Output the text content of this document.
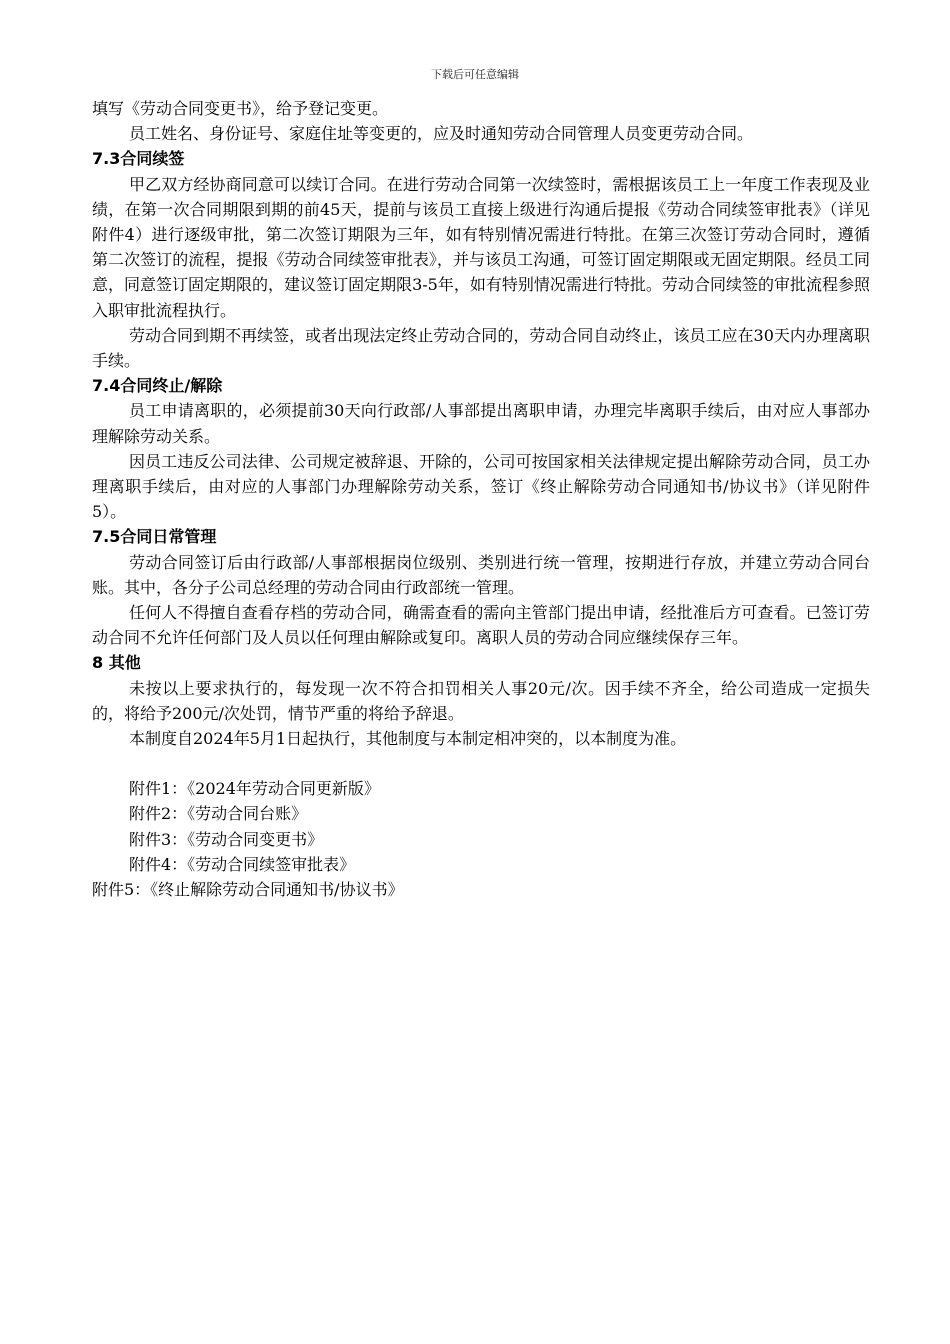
下载后可任意编辑

填写《劳动合同变更书》，给予登记变更。

员工姓名、身份证号、家庭住址等变更的，应及时通知劳动合同管理人员变更劳动合同。

7.3合同续签

甲乙双方经协商同意可以续订合同。在进行劳动合同第一次续签时，需根据该员工上一年度工作表现及业绩，在第一次合同期限到期的前45天，提前与该员工直接上级进行沟通后提报《劳动合同续签审批表》（详见附件4）进行逐级审批，第二次签订期限为三年，如有特别情况需进行特批。在第三次签订劳动合同时，遵循第二次签订的流程，提报《劳动合同续签审批表》，并与该员工沟通，可签订固定期限或无固定期限。经员工同意，同意签订固定期限的，建议签订固定期限3-5年，如有特别情况需进行特批。劳动合同续签的审批流程参照入职审批流程执行。

劳动合同到期不再续签，或者出现法定终止劳动合同的，劳动合同自动终止，该员工应在30天内办理离职手续。

7.4合同终止/解除

员工申请离职的，必须提前30天向行政部/人事部提出离职申请，办理完毕离职手续后，由对应人事部办理解除劳动关系。

因员工违反公司法律、公司规定被辞退、开除的，公司可按国家相关法律规定提出解除劳动合同，员工办理离职手续后，由对应的人事部门办理解除劳动关系，签订《终止解除劳动合同通知书/协议书》（详见附件5）。

7.5合同日常管理

劳动合同签订后由行政部/人事部根据岗位级别、类别进行统一管理，按期进行存放，并建立劳动合同台账。其中，各分子公司总经理的劳动合同由行政部统一管理。

任何人不得擅自查看存档的劳动合同，确需查看的需向主管部门提出申请，经批准后方可查看。已签订劳动合同不允许任何部门及人员以任何理由解除或复印。离职人员的劳动合同应继续保存三年。

8 其他

未按以上要求执行的，每发现一次不符合扣罚相关人事20元/次。因手续不齐全，给公司造成一定损失的，将给予200元/次处罚，情节严重的将给予辞退。

本制度自2024年5月1日起执行，其他制度与本制定相冲突的，以本制度为准。

附件1：《2024年劳动合同更新版》

附件2：《劳动合同台账》

附件3：《劳动合同变更书》

附件4：《劳动合同续签审批表》

附件5：《终止解除劳动合同通知书/协议书》
